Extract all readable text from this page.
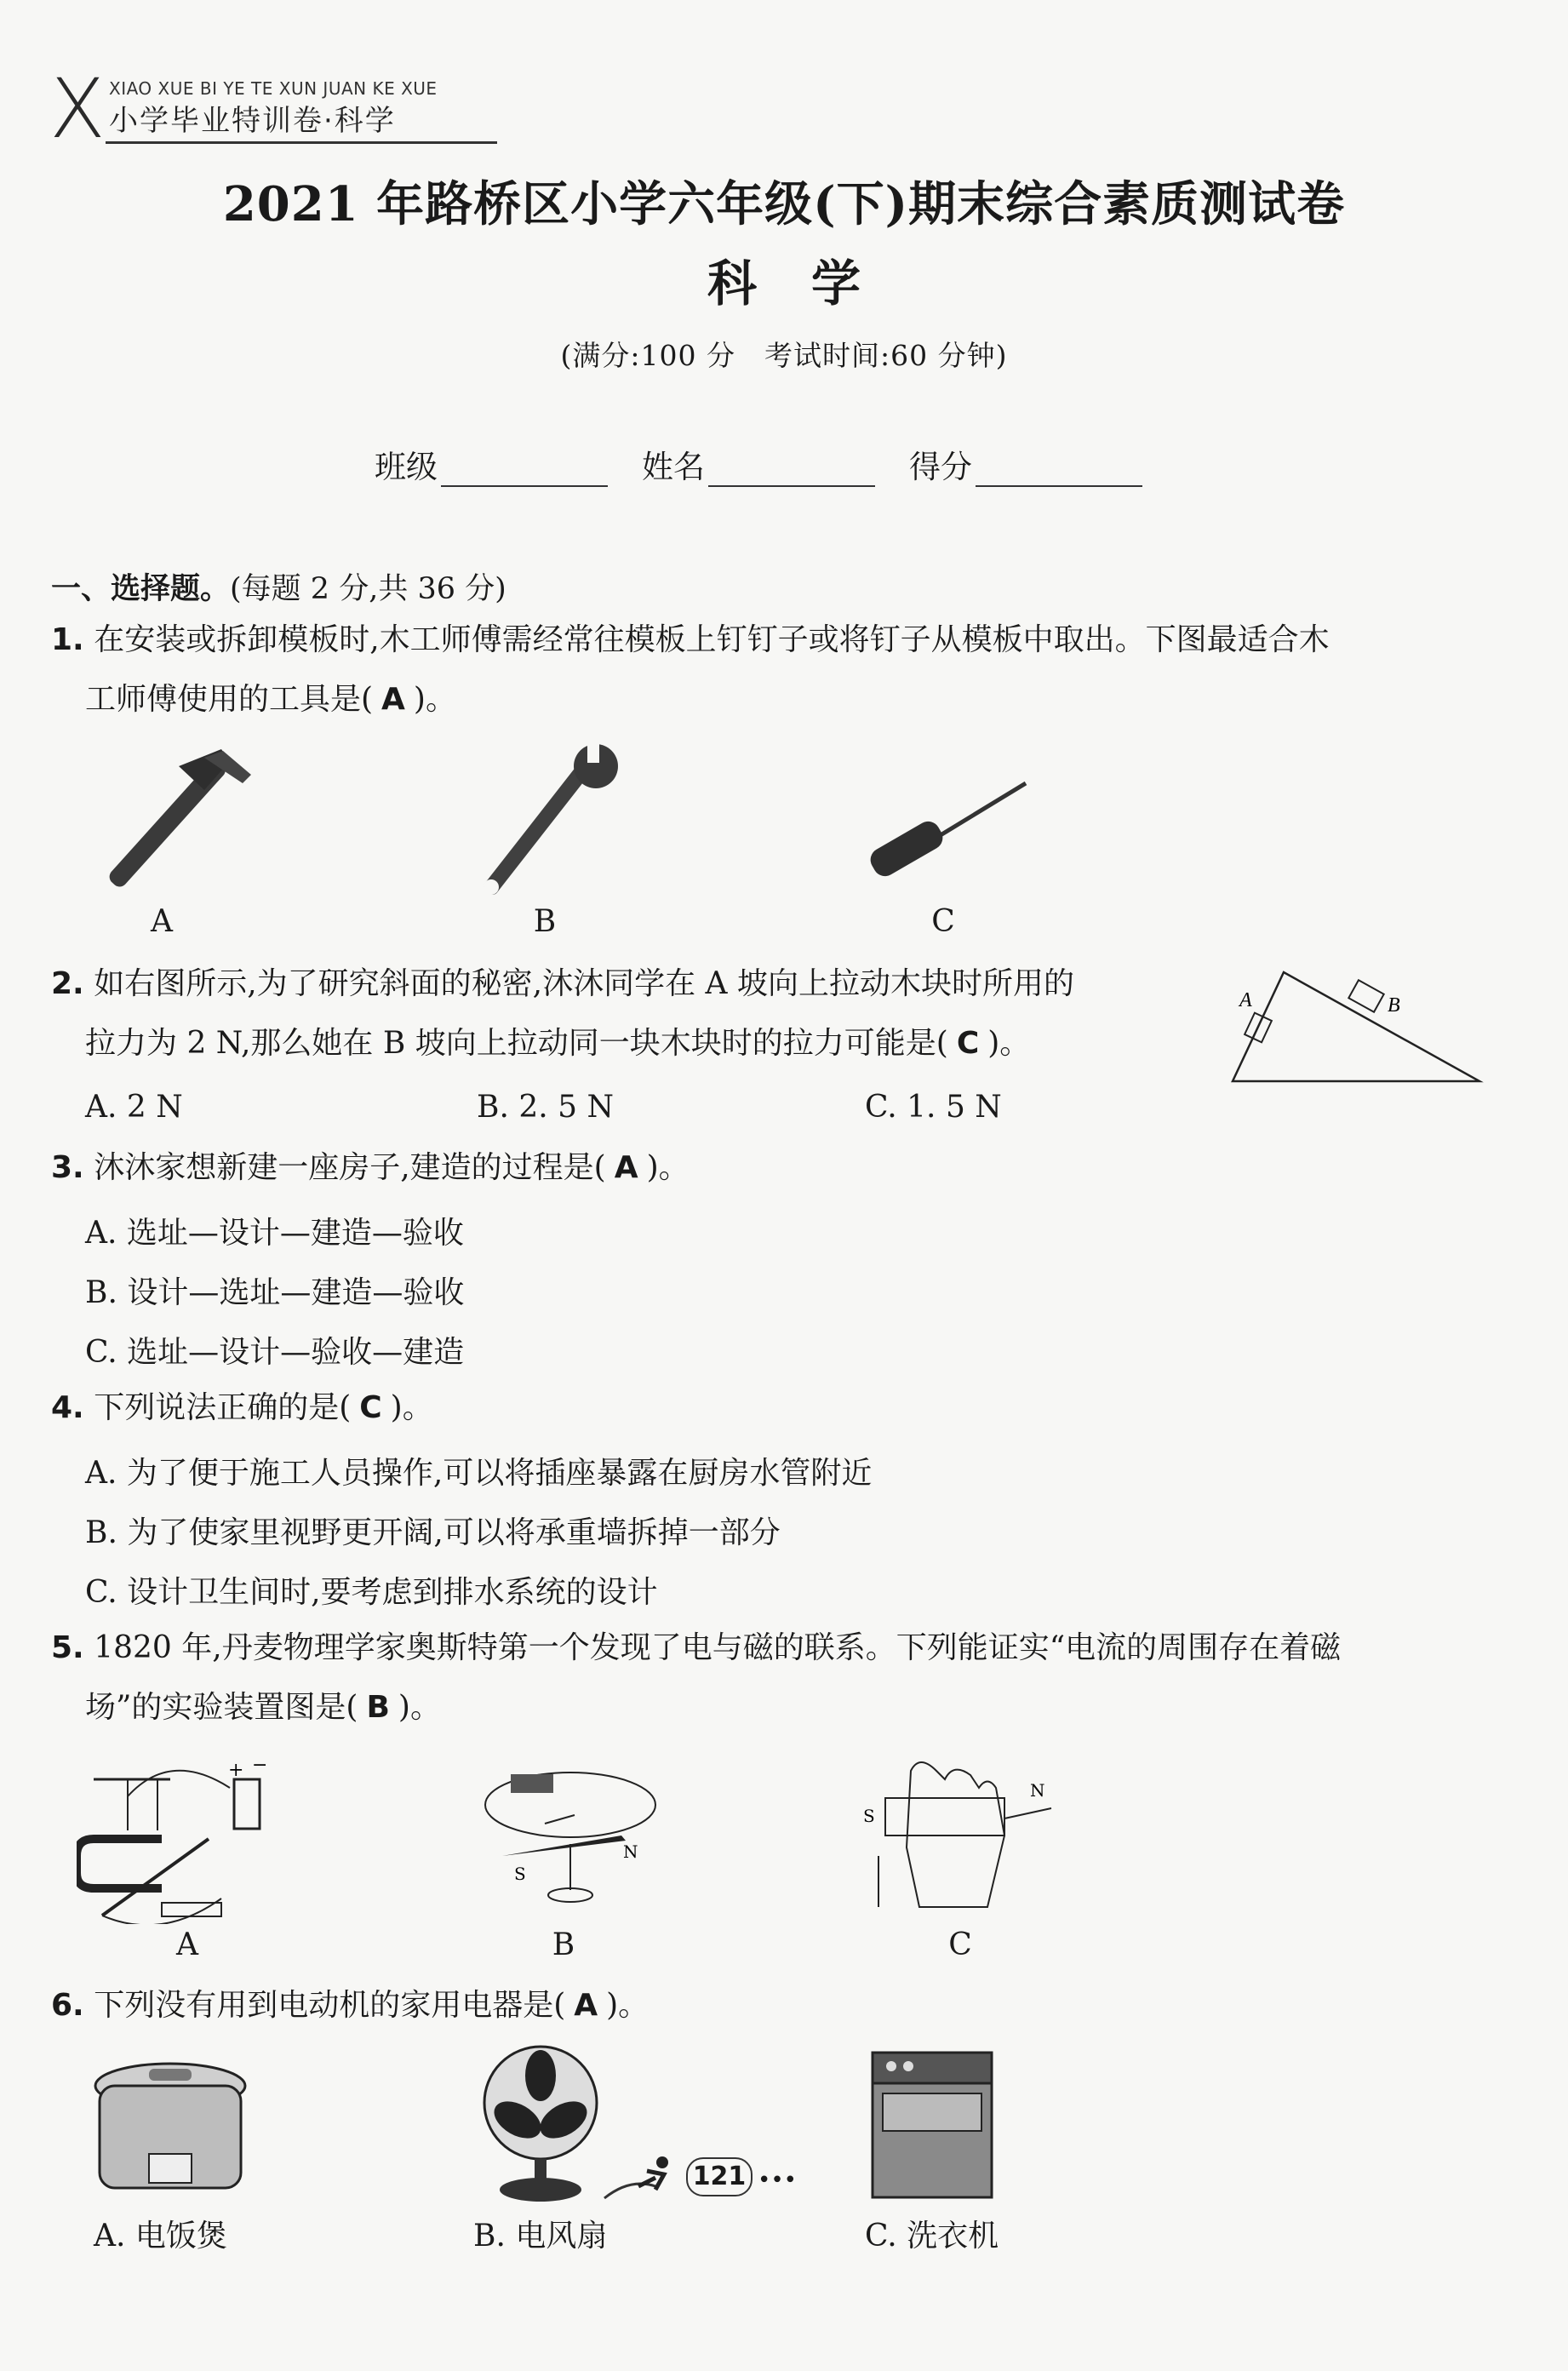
X XIAO XUE BI YE TE XUN JUAN KE XUE
小学毕业特训卷·科学
2021 年路桥区小学六年级(下)期末综合素质测试卷
科学
(满分:100 分　考试时间:60 分钟)
班级	姓名	得分
一、选择题。(每题 2 分,共 36 分)
1. 在安装或拆卸模板时,木工师傅需经常往模板上钉钉子或将钉子从模板中取出。下图最适合木
工师傅使用的工具是( A )。
A	B	C
2. 如右图所示,为了研究斜面的秘密,沐沐同学在 A 坡向上拉动木块时所用的
拉力为 2 N,那么她在 B 坡向上拉动同一块木块时的拉力可能是( C )。
A. 2 N	B. 2. 5 N	C. 1. 5 N
A	B
3. 沐沐家想新建一座房子,建造的过程是( A )。
A. 选址—设计—建造—验收
B. 设计—选址—建造—验收
C. 选址—设计—验收—建造
4. 下列说法正确的是( C )。
A. 为了便于施工人员操作,可以将插座暴露在厨房水管附近
B. 为了使家里视野更开阔,可以将承重墙拆掉一部分
C. 设计卫生间时,要考虑到排水系统的设计
5. 1820 年,丹麦物理学家奥斯特第一个发现了电与磁的联系。下列能证实“电流的周围存在着磁
场”的实验装置图是( B )。
+ −
S
N
S
N
A	B	C
6. 下列没有用到电动机的家用电器是( A )。
A. 电饭煲	B. 电风扇	C. 洗衣机
121 •••
